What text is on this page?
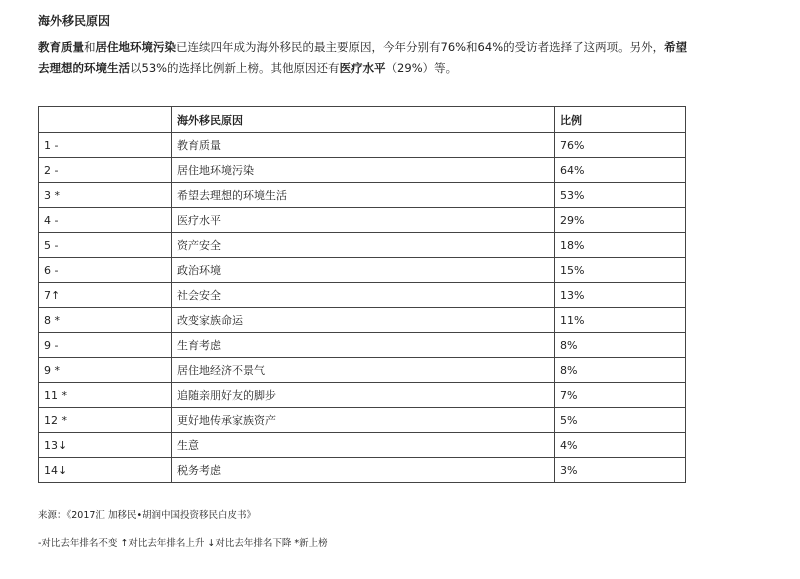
海外移民原因

教育质量和居住地环境污染已连续四年成为海外移民的最主要原因，今年分别有76%和64%的受访者选择了这两项。另外，希望去理想的环境生活以53%的选择比例新上榜。其他原因还有医疗水平（29%）等。

	海外移民原因	比例
1 -	教育质量	76%
2 -	居住地环境污染	64%
3 *	希望去理想的环境生活	53%
4 -	医疗水平	29%
5 -	资产安全	18%
6 -	政治环境	15%
7↑	社会安全	13%
8 *	改变家族命运	11%
9 -	生育考虑	8%
9 *	居住地经济不景气	8%
11 *	追随亲朋好友的脚步	7%
12 *	更好地传承家族资产	5%
13↓	生意	4%
14↓	税务考虑	3%
来源：《2017汇 加移民•胡润中国投资移民白皮书》
-对比去年排名不变 ↑对比去年排名上升 ↓对比去年排名下降 *新上榜
